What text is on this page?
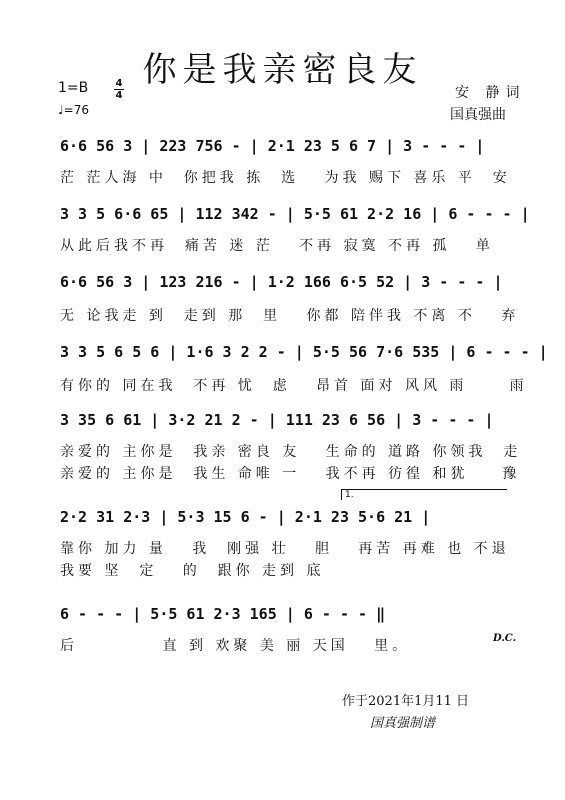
你是我亲密良友
1=B	4
4
♩=76
安 静词
国真强曲
6·6 56 3 | 223 756 - | 2·1 23 5 6 7 | 3 - - - |
茫 茫人海 中  你把我 拣  选   为我 赐下 喜乐 平  安
3 3 5 6·6 65 | 112 342 - | 5·5 61 2·2 16 | 6 - - - |
从此后我不再  痛苦 迷 茫   不再 寂寞 不再 孤   单
6·6 56 3 | 123 216 - | 1·2 166 6·5 52 | 3 - - - |
无 论我走 到  走到 那  里   你都 陪伴我 不离 不   弃
3 3 5 6 5 6 | 1·6 3 2 2 - | 5·5 56 7·6 535 | 6 - - - |
有你的 同在我  不再 忧  虑   昂首 面对 风风 雨     雨
3 35 6 61 | 3·2 21 2 - | 111 23 6 56 | 3 - - - |
亲爱的 主你是  我亲 密良 友   生命的 道路 你领我  走
亲爱的 主你是  我生 命唯 一   我不再 彷徨 和犹    豫
1.
2·2 31 2·3 | 5·3 15 6 - | 2·1 23 5·6 21 |
靠你 加力 量   我  刚强 壮   胆   再苦 再难 也 不退
我要 坚  定   的  跟你 走到 底
6 - - - | 5·5 61 2·3 165 | 6 - - - ‖
后          直 到 欢聚 美 丽 天国   里。	D.C.
作于2021年1月11 日
国真强制谱
